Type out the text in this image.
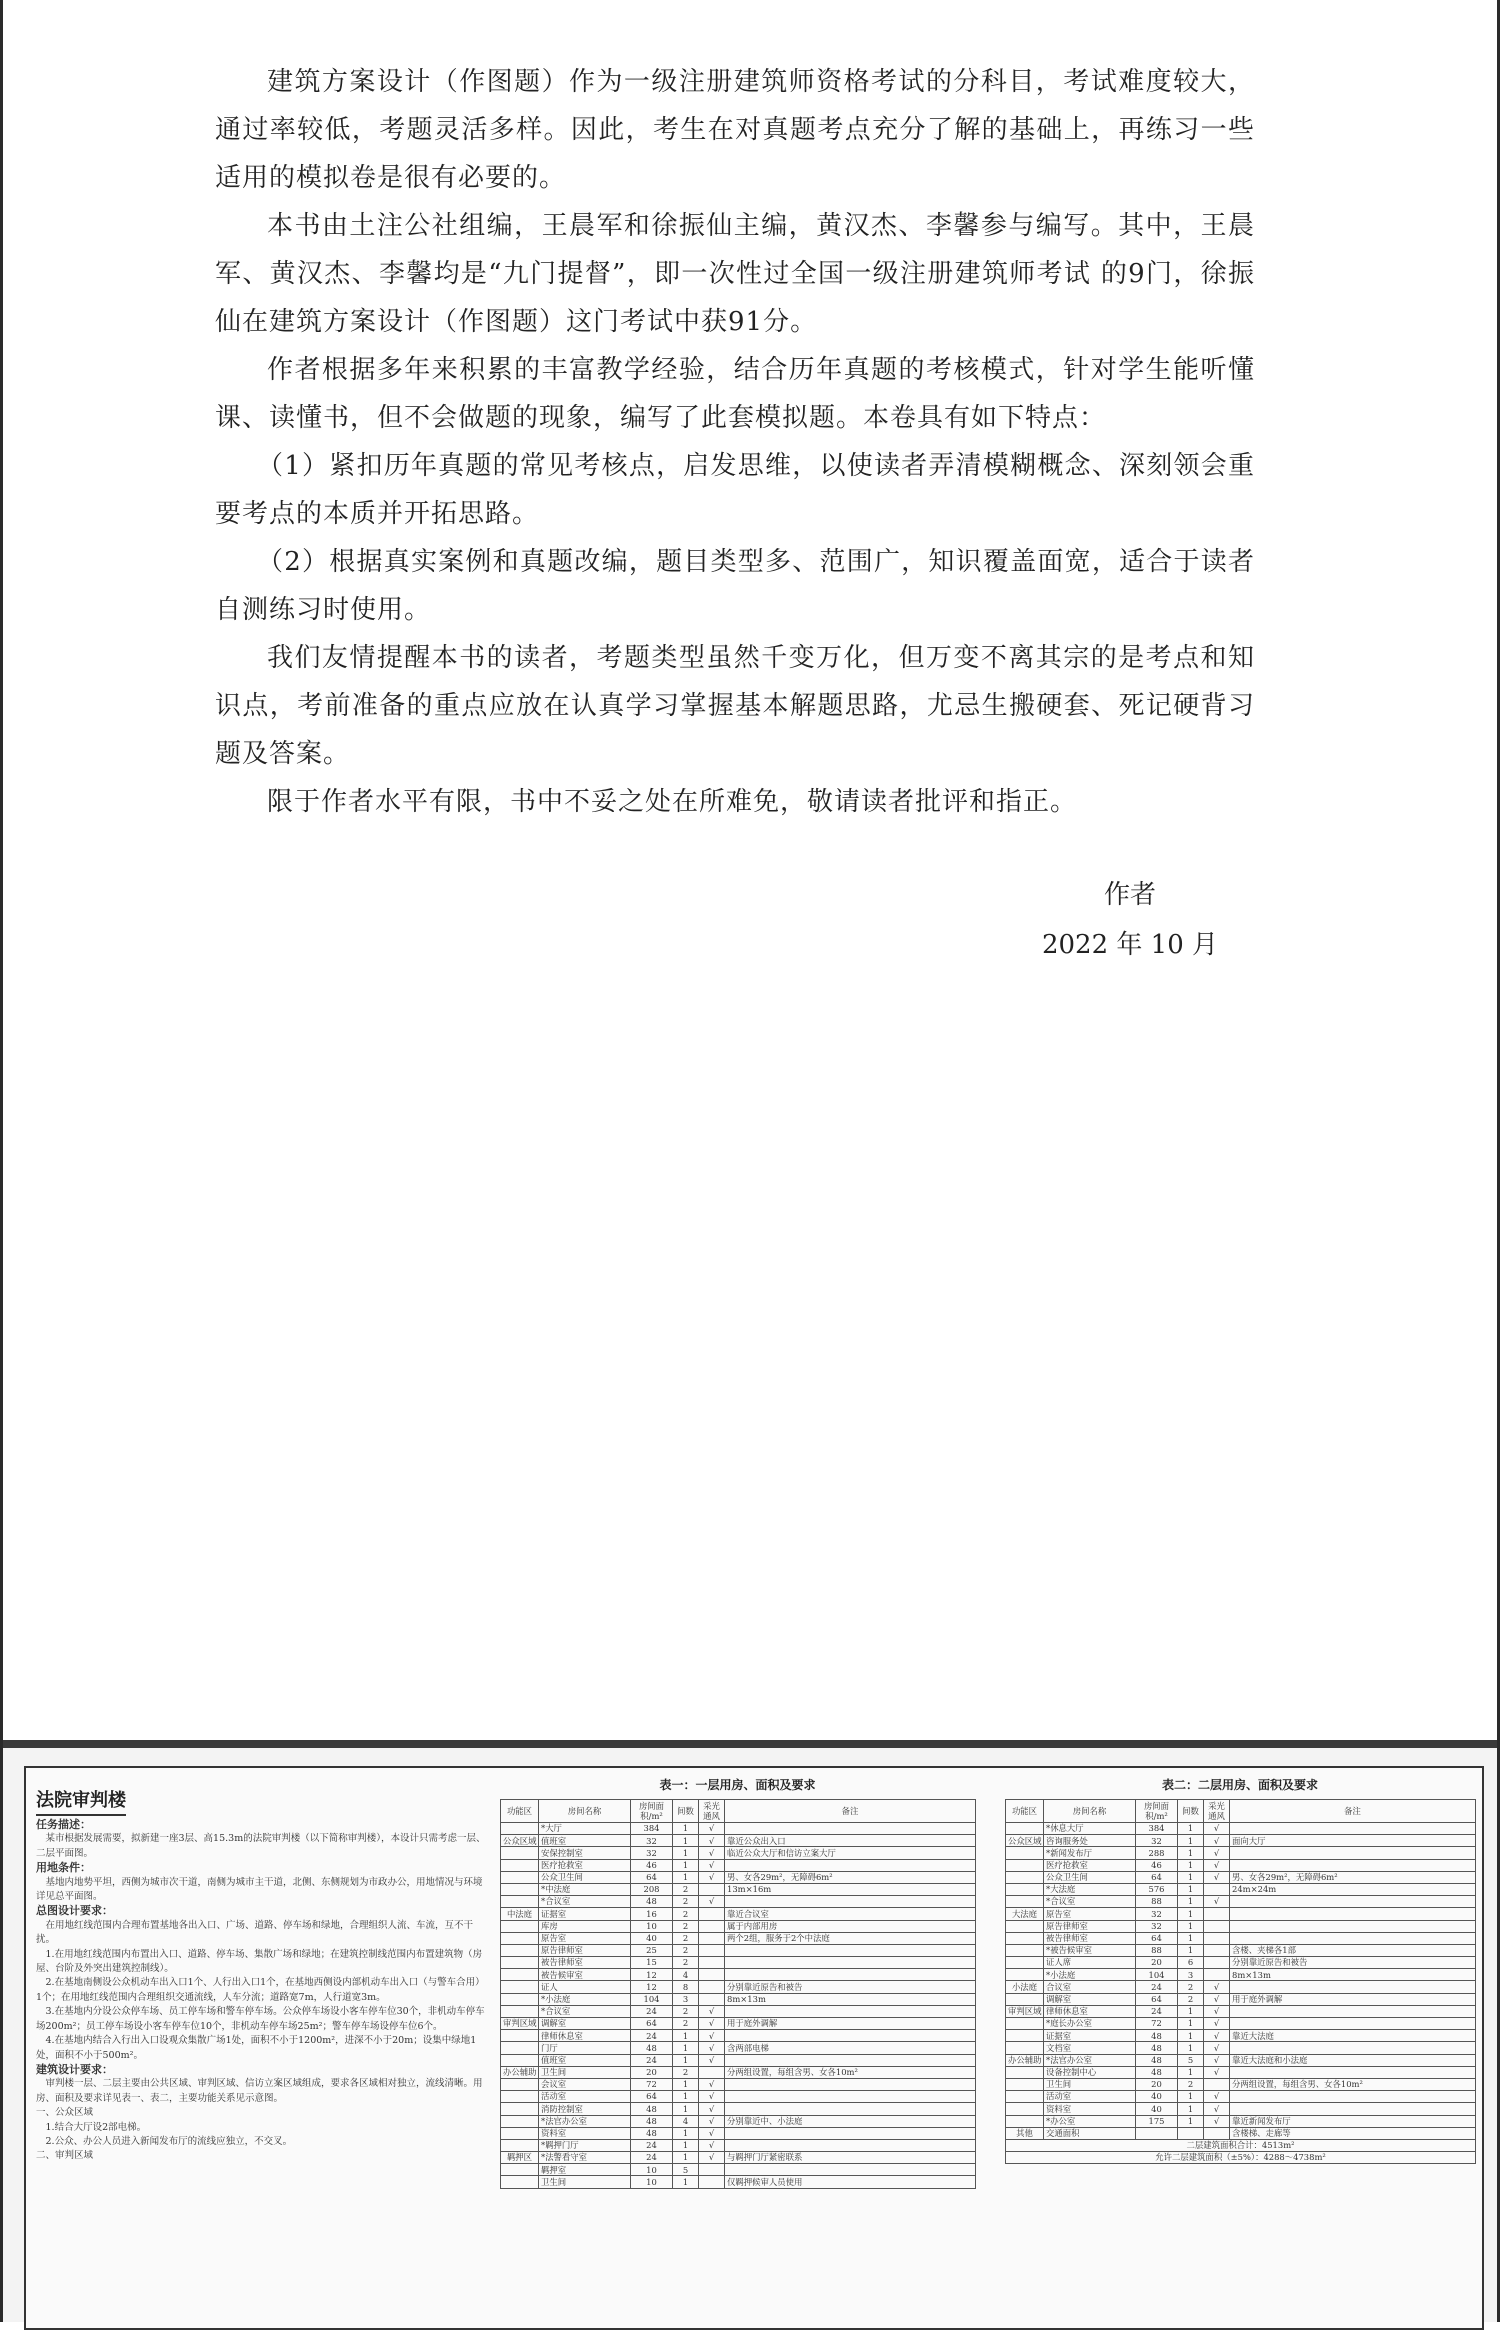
建筑方案设计（作图题）作为一级注册建筑师资格考试的分科目，考试难度较大，通过率较低，考题灵活多样。因此，考生在对真题考点充分了解的基础上，再练习一些适用的模拟卷是很有必要的。

本书由土注公社组编，王晨军和徐振仙主编，黄汉杰、李馨参与编写。其中，王晨军、黄汉杰、李馨均是“九门提督”，即一次性过全国一级注册建筑师考试 的9门，徐振仙在建筑方案设计（作图题）这门考试中获91分。

作者根据多年来积累的丰富教学经验，结合历年真题的考核模式，针对学生能听懂课、读懂书，但不会做题的现象，编写了此套模拟题。本卷具有如下特点：

（1）紧扣历年真题的常见考核点，启发思维，以使读者弄清模糊概念、深刻领会重要考点的本质并开拓思路。

（2）根据真实案例和真题改编，题目类型多、范围广，知识覆盖面宽，适合于读者自测练习时使用。

我们友情提醒本书的读者，考题类型虽然千变万化，但万变不离其宗的是考点和知识点，考前准备的重点应放在认真学习掌握基本解题思路，尤忌生搬硬套、死记硬背习题及答案。

限于作者水平有限，书中不妥之处在所难免，敬请读者批评和指正。

作者
2022 年 10 月
法院审判楼

任务描述：

　某市根据发展需要，拟新建一座3层、高15.3m的法院审判楼（以下简称审判楼），本设计只需考虑一层、二层平面图。

用地条件：

　基地内地势平坦，西侧为城市次干道，南侧为城市主干道，北侧、东侧规划为市政办公，用地情况与环境详见总平面图。

总图设计要求：

　在用地红线范围内合理布置基地各出入口、广场、道路、停车场和绿地，合理组织人流、车流，互不干扰。

　1.在用地红线范围内布置出入口、道路、停车场、集散广场和绿地；在建筑控制线范围内布置建筑物（房屋、台阶及外突出建筑控制线）。

　2.在基地南侧设公众机动车出入口1个、人行出入口1个，在基地西侧设内部机动车出入口（与警车合用）1个；在用地红线范围内合理组织交通流线，人车分流；道路宽7m，人行道宽3m。

　3.在基地内分设公众停车场、员工停车场和警车停车场。公众停车场设小客车停车位30个，非机动车停车场200m²；员工停车场设小客车停车位10个，非机动车停车场25m²；警车停车场设停车位6个。

　4.在基地内结合入行出入口设观众集散广场1处，面积不小于1200m²，进深不小于20m；设集中绿地1处，面积不小于500m²。

建筑设计要求：

　审判楼一层、二层主要由公共区域、审判区域、信访立案区域组成，要求各区域相对独立，流线清晰。用房、面积及要求详见表一、表二，主要功能关系见示意图。

一、公众区域

　1.结合大厅设2部电梯。

　2.公众、办公人员进入新闻发布厅的流线应独立，不交叉。

二、审判区域

表一：一层用房、面积及要求
功能区	房间名称	房间面积/m²	间数	采光通风	备注
	*大厅	384	1	√	
公众区域	值班室	32	1	√	靠近公众出入口
	安保控制室	32	1	√	临近公众大厅和信访立案大厅
	医疗抢救室	46	1	√	
	公众卫生间	64	1	√	男、女各29m²，无障碍6m²
	*中法庭	208	2		13m×16m
	*合议室	48	2	√	
中法庭	证据室	16	2		靠近合议室
	库房	10	2		属于内部用房
	原告室	40	2		两个2组，服务于2个中法庭
	原告律师室	25	2		
	被告律师室	15	2		
	被告候审室	12	4		
	证人	12	8		分别靠近原告和被告
	*小法庭	104	3		8m×13m
	*合议室	24	2	√	
审判区域	调解室	64	2	√	用于庭外调解
	律师休息室	24	1	√	
	门厅	48	1	√	含两部电梯
	值班室	24	1	√	
办公辅助	卫生间	20	2		分两组设置，每组含男、女各10m²
	会议室	72	1	√	
	活动室	64	1	√	
	消防控制室	48	1	√	
	*法官办公室	48	4	√	分别靠近中、小法庭
	资料室	48	1	√	
	*羁押门厅	24	1	√	
羁押区	*法警看守室	24	1	√	与羁押门厅紧密联系
	羁押室	10	5		
	卫生间	10	1		仅羁押候审人员使用
表二：二层用房、面积及要求
功能区	房间名称	房间面积/m²	间数	采光通风	备注
	*休息大厅	384	1	√	
公众区域	咨询服务处	32	1	√	面向大厅
	*新闻发布厅	288	1	√	
	医疗抢救室	46	1	√	
	公众卫生间	64	1	√	男、女各29m²，无障碍6m²
	*大法庭	576	1		24m×24m
	*合议室	88	1	√	
大法庭	原告室	32	1		
	原告律师室	32	1		
	被告律师室	64	1		
	*被告候审室	88	1		含楼、夹梯各1部
	证人席	20	6		分别靠近原告和被告
	*小法庭	104	3		8m×13m
小法庭	合议室	24	2	√	
	调解室	64	2	√	用于庭外调解
审判区域	律师休息室	24	1	√	
	*庭长办公室	72	1	√	
	证据室	48	1	√	靠近大法庭
	文档室	48	1	√	
办公辅助	*法官办公室	48	5	√	靠近大法庭和小法庭
	设备控制中心	48	1	√	
	卫生间	20	2		分两组设置，每组含男、女各10m²
	活动室	40	1	√	
	资料室	40	1	√	
	*办公室	175	1	√	靠近新闻发布厅
其他	交通面积				含楼梯、走廊等
二层建筑面积合计：4513m²					
允许二层建筑面积（±5%）：4288～4738m²					
